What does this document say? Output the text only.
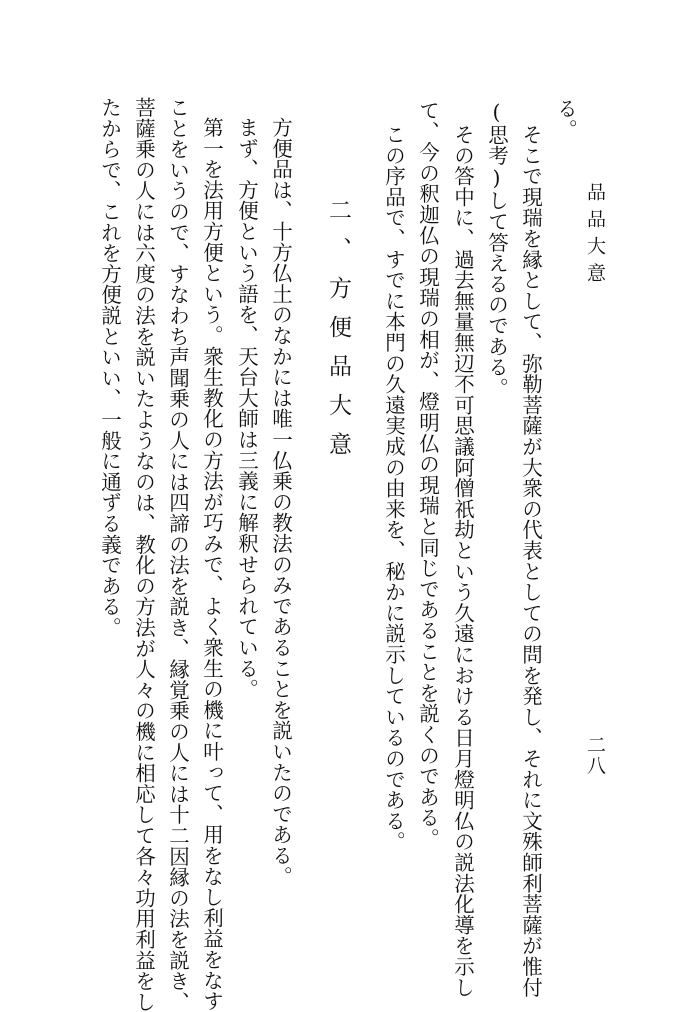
品品大意
二八
る。
そこで現瑞を縁として、弥勒菩薩が大衆の代表としての問を発し、それに文殊師利菩薩が惟付
(思考)して答えるのである。
その答中に、過去無量無辺不可思議阿僧祇劫という久遠における日月燈明仏の説法化導を示し
て、今の釈迦仏の現瑞の相が、燈明仏の現瑞と同じであることを説くのである。
この序品で、すでに本門の久遠実成の由来を、秘かに説示しているのである。
二、方便品大意
方便品は、十方仏土のなかには唯一仏乗の教法のみであることを説いたのである。
まず、方便という語を、天台大師は三義に解釈せられている。
第一を法用方便という。衆生教化の方法が巧みで、よく衆生の機に叶って、用をなし利益をなす
ことをいうので、すなわち声聞乗の人には四諦の法を説き、縁覚乗の人には十二因縁の法を説き、
菩薩乗の人には六度の法を説いたようなのは、教化の方法が人々の機に相応して各々功用利益をし
たからで、これを方便説といい、一般に通ずる義である。
